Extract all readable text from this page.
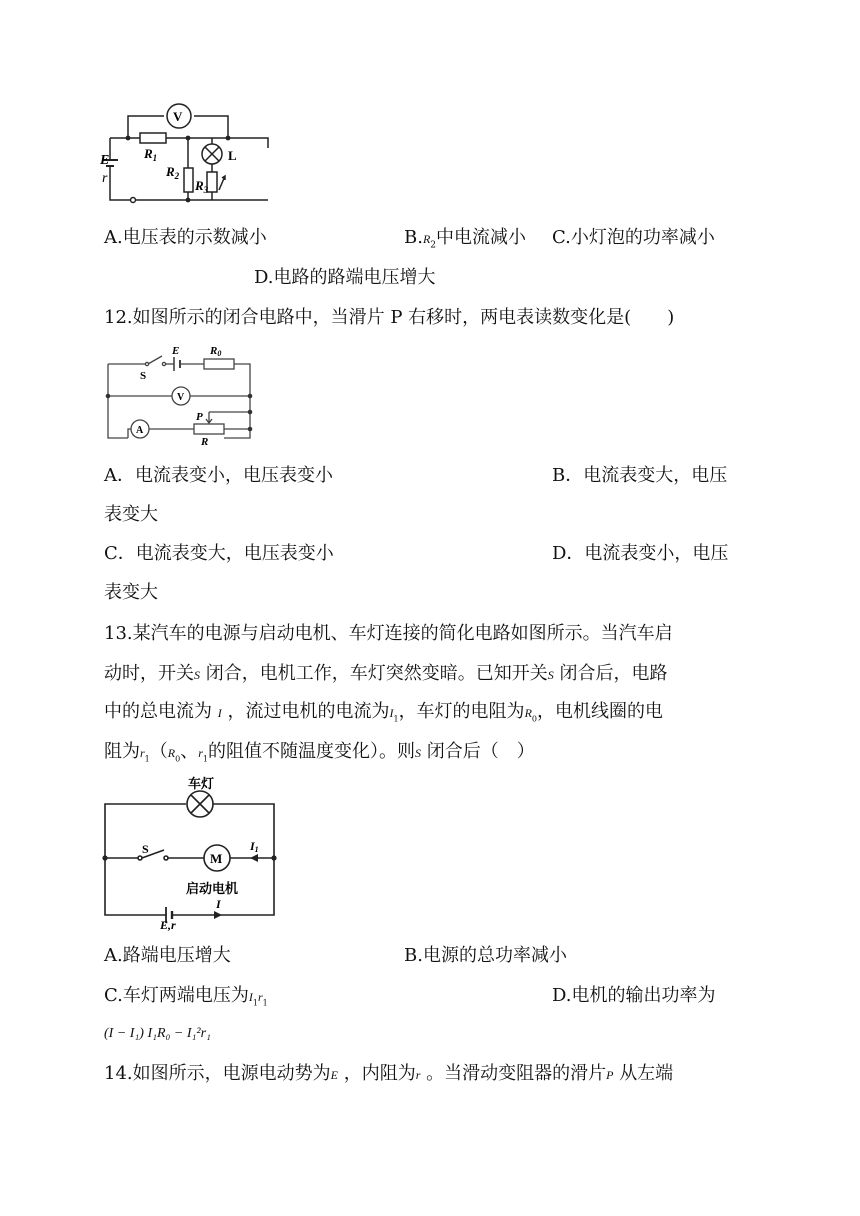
V
E
r
$R_1$
$R_2$
$R_3$
L
A.电压表的示数减小	$B.R_2$中电流减小 C.小灯泡的功率减小
D.电路的路端电压增大
12.如图所示的闭合电路中，当滑片 P 右移时，两电表读数变化是(　　)
S
E	R0
V
A
P
R
A．电流表变小，电压表变小	B．电流表变大，电压
表变大
C．电流表变大，电压表变小	D．电流表变小，电压
表变大
13.某汽车的电源与启动电机、车灯连接的简化电路如图所示。当汽车启
动时，开关S 闭合，电机工作，车灯突然变暗。已知开关S 闭合后，电路
中的总电流为 I ，流过电机的电流为$I_1$，车灯的电阻为$R_0$，电机线圈的电
阻为$r_1(R_0$、$r_1$的阻值不随温度变化）。则S 闭合后（　）
车灯
S
M
I1
启动电机
E,r
I
A.路端电压增大	B.电源的总功率减小
C.车灯两端电压为$I_1r_1$	D.电机的输出功率为
(I − I₁) I₁R₀ − I₁²r₁
14.如图所示，电源电动势为E ，内阻为r 。当滑动变阻器的滑片P 从左端
